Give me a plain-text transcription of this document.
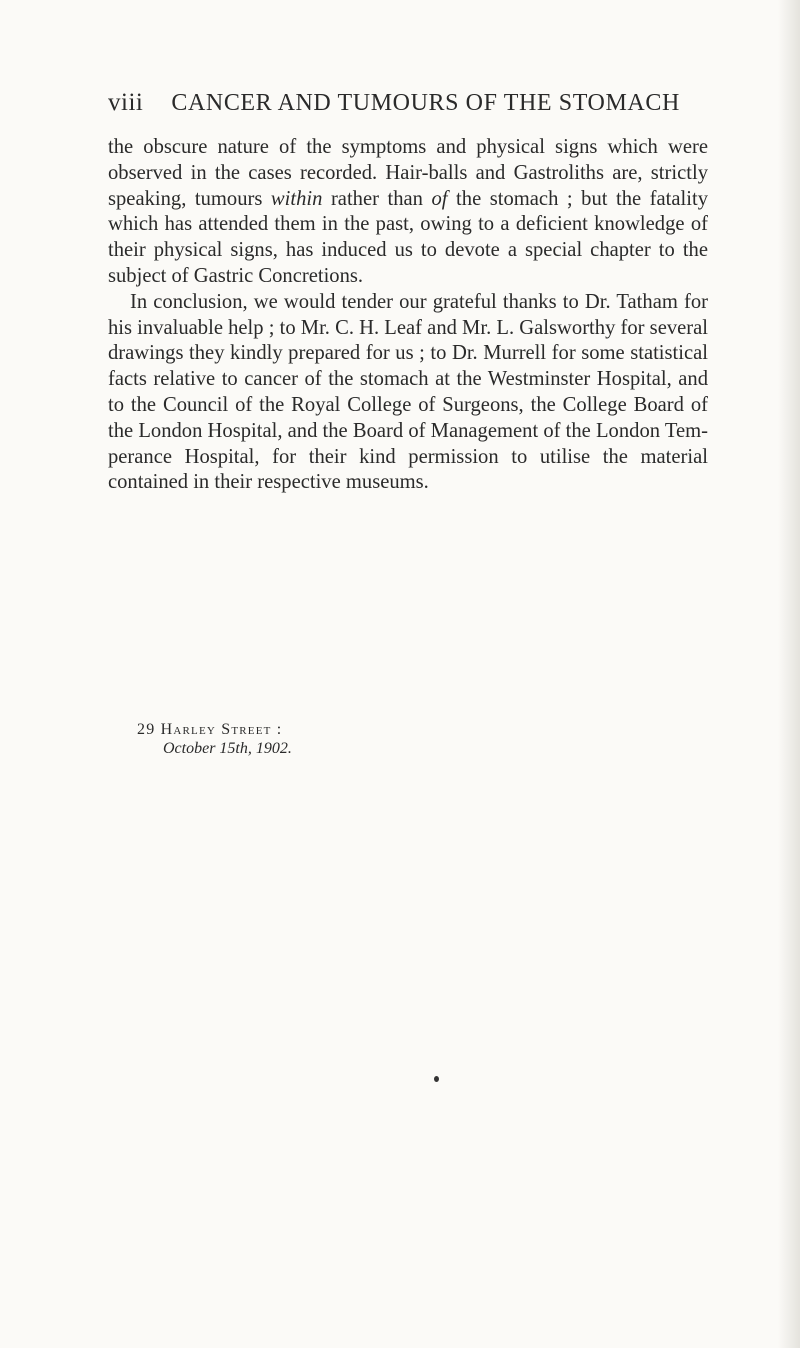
viii CANCER AND TUMOURS OF THE STOMACH

the obscure nature of the symptoms and physical signs which were observed in the cases recorded. Hair-balls and Gastroliths are, strictly speaking, tumours within rather than of the stomach ; but the fatality which has attended them in the past, owing to a deficient knowledge of their physical signs, has induced us to devote a special chapter to the subject of Gastric Concretions.

In conclusion, we would tender our grateful thanks to Dr. Tatham for his invaluable help ; to Mr. C. H. Leaf and Mr. L. Galsworthy for several drawings they kindly prepared for us ; to Dr. Murrell for some statistical facts relative to cancer of the stomach at the Westminster Hospital, and to the Council of the Royal College of Surgeons, the College Board of the London Hospital, and the Board of Management of the London Tem- perance Hospital, for their kind permission to utilise the material contained in their respective museums.

29 Harley Street :
October 15th, 1902.
